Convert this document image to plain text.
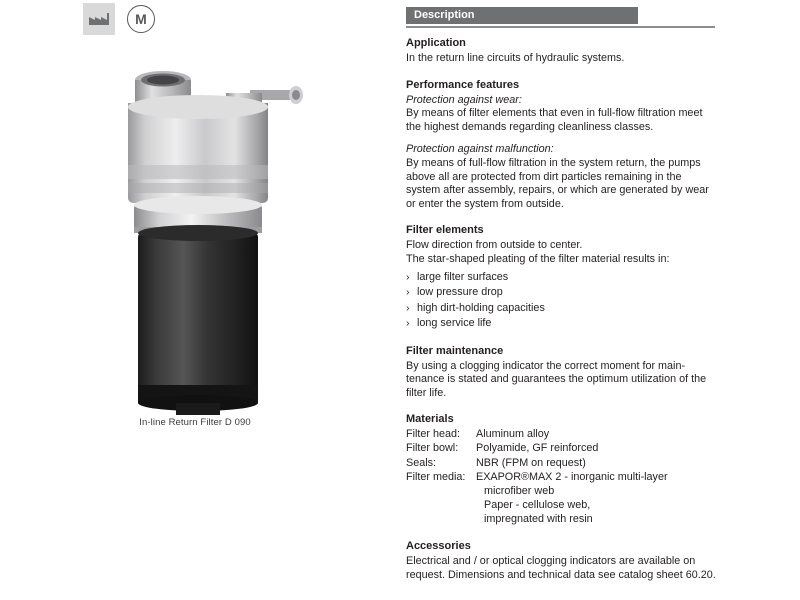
M
In-line Return Filter D 090
Description
Application

In the return line circuits of hydraulic systems.

Performance features

Protection against wear:

By means of filter elements that even in full-flow filtration meet the highest demands regarding cleanliness classes.

Protection against malfunction:

By means of full-flow filtration in the system return, the pumps above all are protected from dirt particles remaining in the system after assembly, repairs, or which are generated by wear or enter the system from outside.

Filter elements

Flow direction from outside to center.

The star-shaped pleating of the filter material results in:

› large filter surfaces
› low pressure drop
› high dirt-holding capacities
› long service life
Filter maintenance

By using a clogging indicator the correct moment for main-tenance is stated and guarantees the optimum utilization of the filter life.

Materials
Filter head:	Aluminum alloy
Filter bowl:	Polyamide, GF reinforced
Seals:	NBR (FPM on request)
Filter media:	EXAPOR®MAX 2 - inorganic multi-layer
	microfiber web
	Paper - cellulose web,
	impregnated with resin
Accessories

Electrical and / or optical clogging indicators are available on request. Dimensions and technical data see catalog sheet 60.20.
